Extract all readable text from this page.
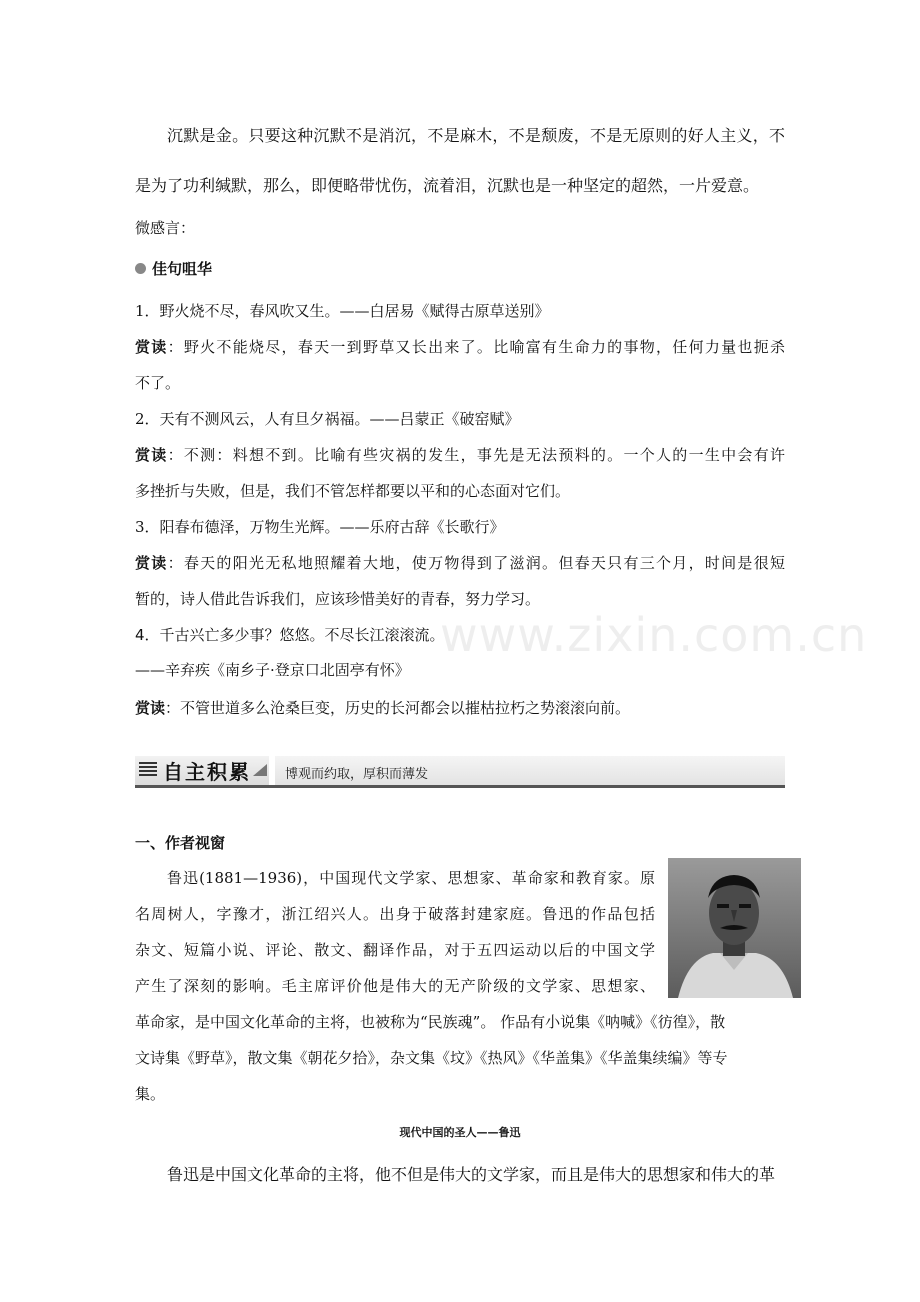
www.zixin.com.cn
沉默是金。只要这种沉默不是消沉，不是麻木，不是颓废，不是无原则的好人主义，不
是为了功利缄默，那么，即便略带忧伤，流着泪，沉默也是一种坚定的超然，一片爱意。
微感言：
佳句咀华
1．野火烧不尽，春风吹又生。——白居易《赋得古原草送别》
赏读：野火不能烧尽，春天一到野草又长出来了。比喻富有生命力的事物，任何力量也扼杀
不了。
2．天有不测风云，人有旦夕祸福。——吕蒙正《破窑赋》
赏读：不测：料想不到。比喻有些灾祸的发生，事先是无法预料的。一个人的一生中会有许
多挫折与失败，但是，我们不管怎样都要以平和的心态面对它们。
3．阳春布德泽，万物生光辉。——乐府古辞《长歌行》
赏读：春天的阳光无私地照耀着大地，使万物得到了滋润。但春天只有三个月，时间是很短
暂的，诗人借此告诉我们，应该珍惜美好的青春，努力学习。
4．千古兴亡多少事？悠悠。不尽长江滚滚流。
——辛弃疾《南乡子·登京口北固亭有怀》
赏读：不管世道多么沧桑巨变，历史的长河都会以摧枯拉朽之势滚滚向前。
自主积累	博观而约取，厚积而薄发
一、作者视窗
鲁迅(1881—1936)，中国现代文学家、思想家、革命家和教育家。原
名周树人，字豫才，浙江绍兴人。出身于破落封建家庭。鲁迅的作品包括
杂文、短篇小说、评论、散文、翻译作品，对于五四运动以后的中国文学
产生了深刻的影响。毛主席评价他是伟大的无产阶级的文学家、思想家、
革命家，是中国文化革命的主将，也被称为“民族魂”。 作品有小说集《呐喊》《彷徨》，散
文诗集《野草》，散文集《朝花夕拾》，杂文集《坟》《热风》《华盖集》《华盖集续编》等专
集。
现代中国的圣人——鲁迅
鲁迅是中国文化革命的主将，他不但是伟大的文学家，而且是伟大的思想家和伟大的革
